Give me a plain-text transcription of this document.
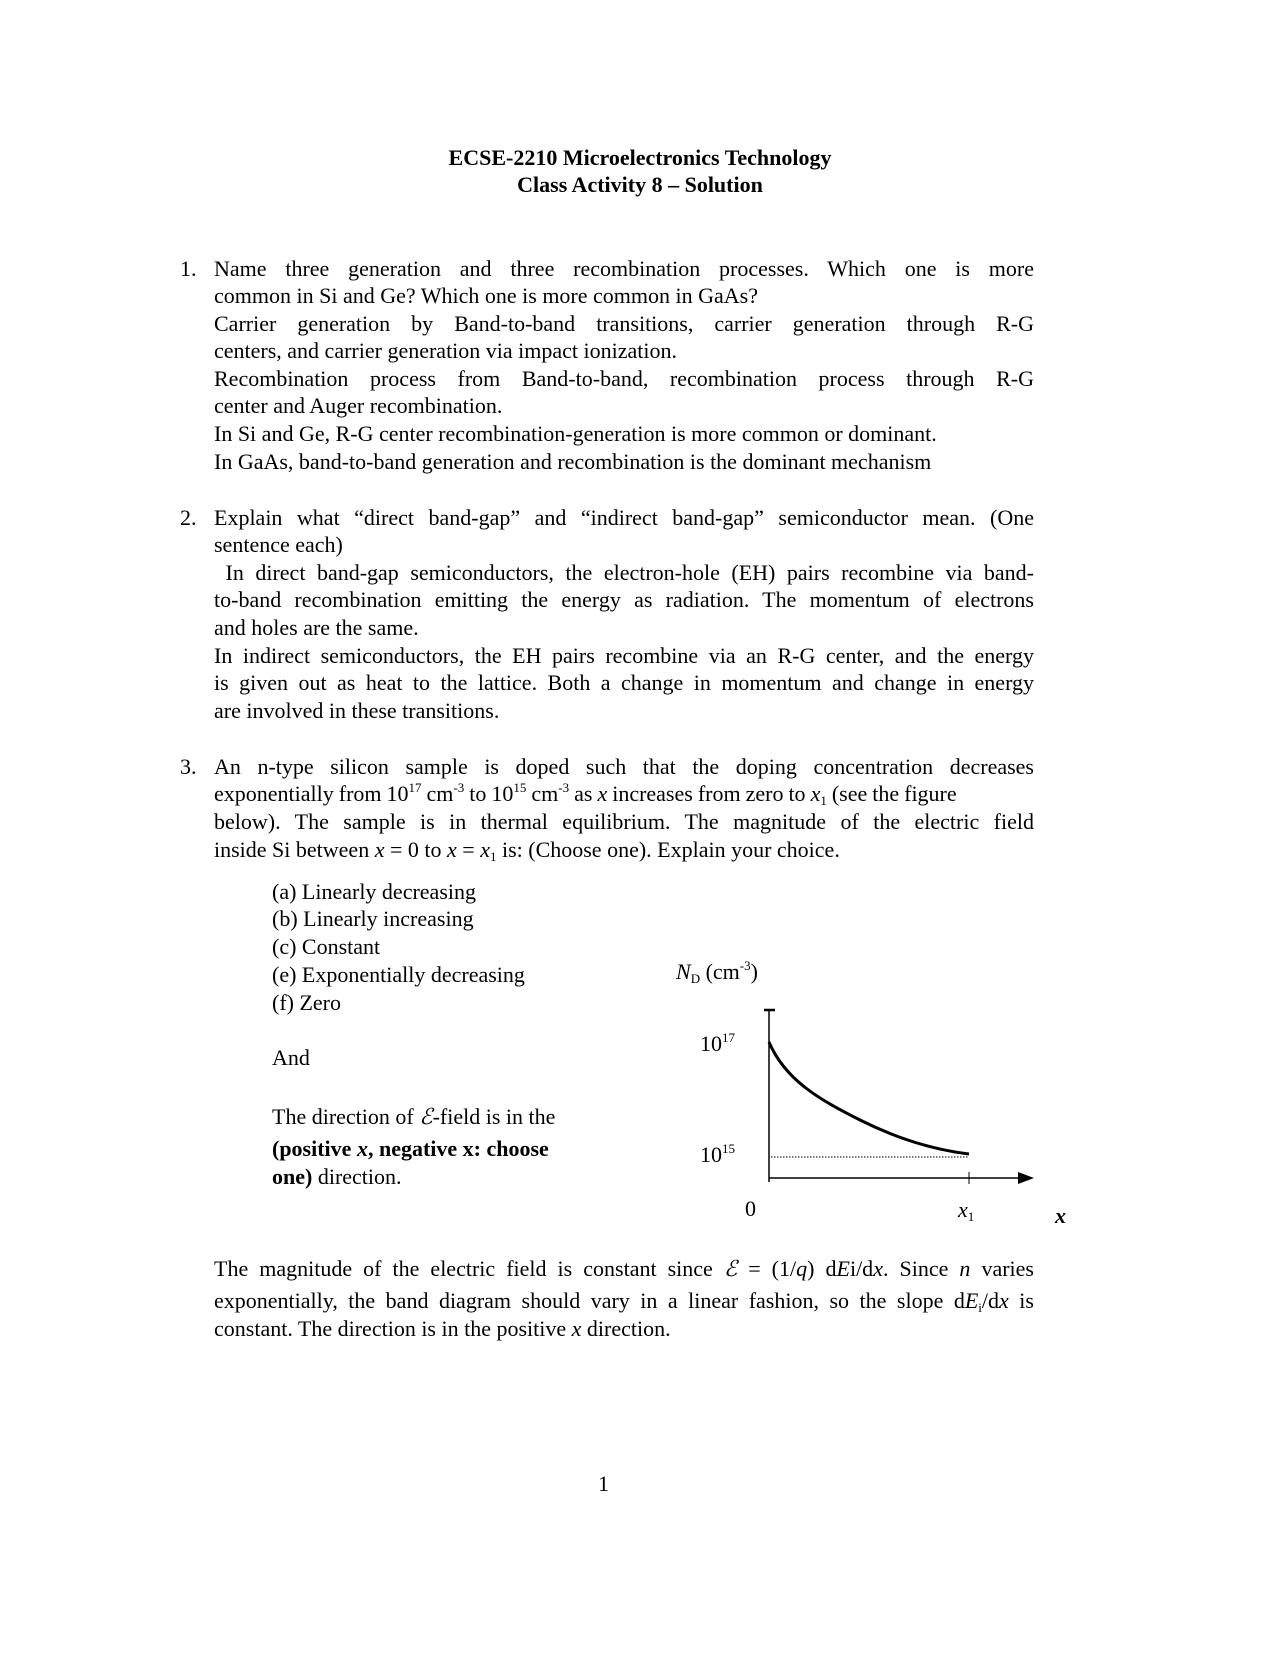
ECSE-2210 Microelectronics Technology
Class Activity 8 – Solution
1. Name three generation and three recombination processes. Which one is more
common in Si and Ge? Which one is more common in GaAs?
Carrier generation by Band-to-band transitions, carrier generation through R-G
centers, and carrier generation via impact ionization.
Recombination process from Band-to-band, recombination process through R-G
center and Auger recombination.
In Si and Ge, R-G center recombination-generation is more common or dominant.
In GaAs, band-to-band generation and recombination is the dominant mechanism
2. Explain what “direct band-gap” and “indirect band-gap” semiconductor mean. (One
sentence each)
In direct band-gap semiconductors, the electron-hole (EH) pairs recombine via band-
to-band recombination emitting the energy as radiation. The momentum of electrons
and holes are the same.
In indirect semiconductors, the EH pairs recombine via an R-G center, and the energy
is given out as heat to the lattice. Both a change in momentum and change in energy
are involved in these transitions.
3. An n-type silicon sample is doped such that the doping concentration decreases
exponentially from $10^{17}$ $cm^{-3}$ to $10^{15}$ $cm^{-3}$ as x increases from zero to $x_1$ (see the figure
below). The sample is in thermal equilibrium. The magnitude of the electric field
inside Si between x = 0 to $x = x_1$ is: (Choose one). Explain your choice.
(a) Linearly decreasing
(b) Linearly increasing
(c) Constant
(e) Exponentially decreasing
(f) Zero
And
The direction of ℰ-field is in the
(positive x, negative x: choose
one) direction.
$N_D$ $(cm^{-3})$
$10^{17}$
$10^{15}$
0	$x_1$	x
The magnitude of the electric field is constant since ℰ = (1/q) dEi/dx. Since n varies
exponentially, the band diagram should vary in a linear fashion, so the slope $dE_i/dx$ is
constant. The direction is in the positive x direction.
1
